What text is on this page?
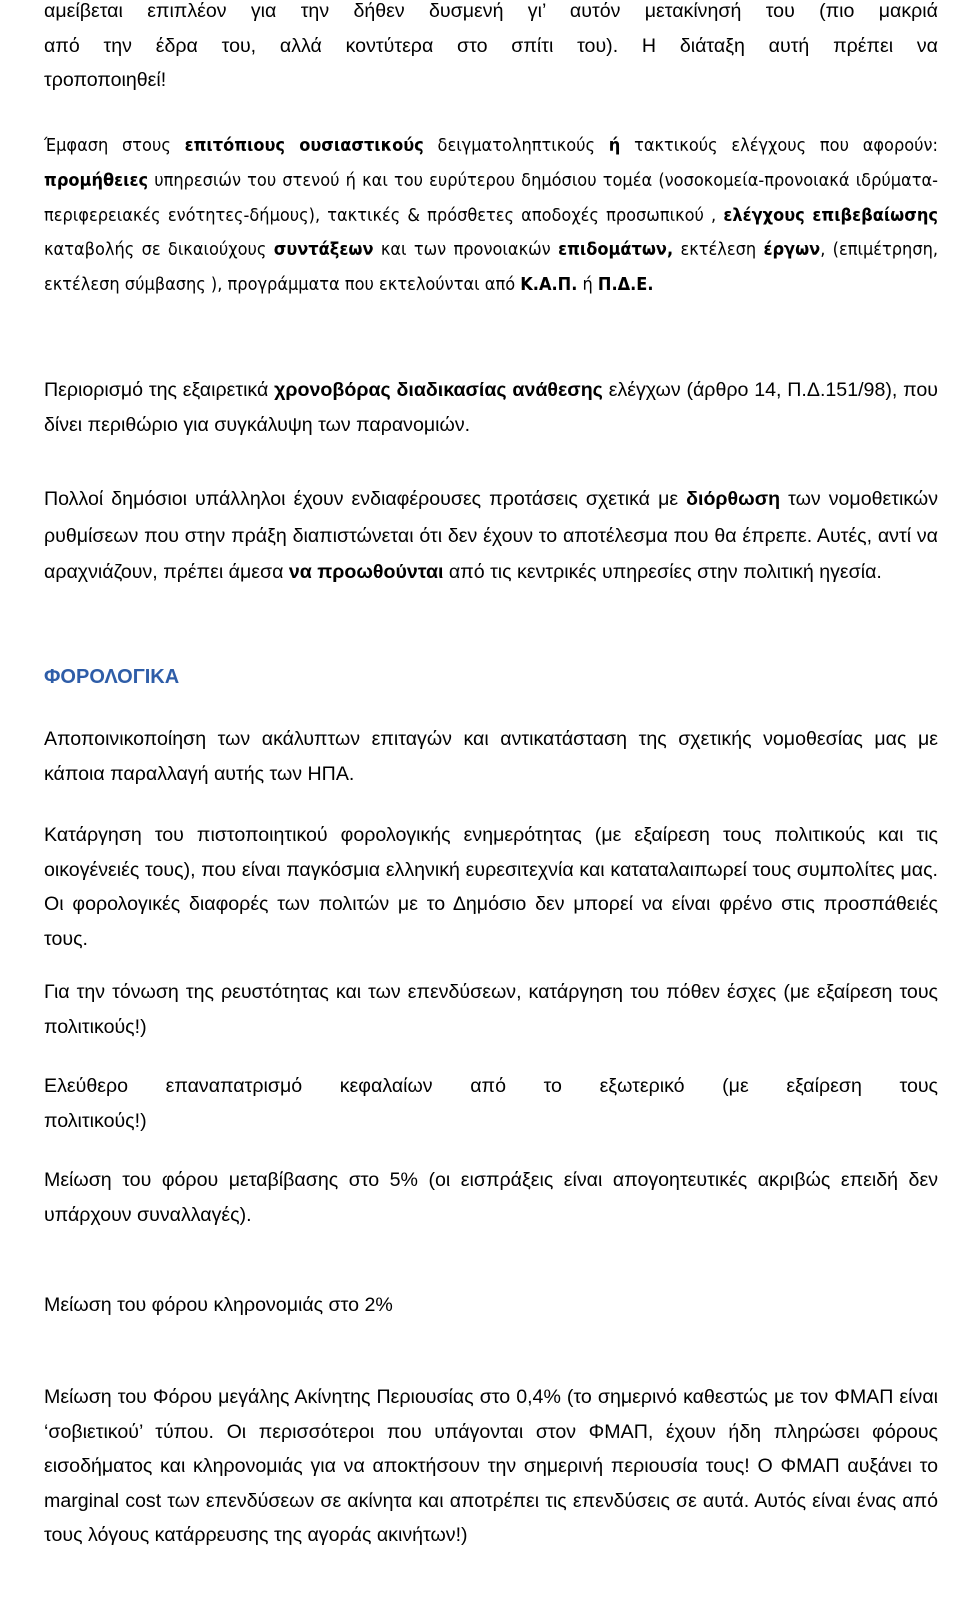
αμείβεται επιπλέον για την δήθεν δυσμενή γι’ αυτόν μετακίνησή του (πιο μακριά

από την έδρα του, αλλά κοντύτερα στο σπίτι του). Η διάταξη αυτή πρέπει να

τροποποιηθεί!

Έμφαση στους επιτόπιους ουσιαστικούς δειγματοληπτικούς ή τακτικούς ελέγχους που αφορούν: προμήθειες υπηρεσιών του στενού ή και του ευρύτερου δημόσιου τομέα (νοσοκομεία-προνοιακά ιδρύματα-περιφερειακές ενότητες-δήμους), τακτικές & πρόσθετες αποδοχές προσωπικού , ελέγχους επιβεβαίωσης καταβολής σε δικαιούχους συντάξεων και των προνοιακών επιδομάτων, εκτέλεση έργων, (επιμέτρηση, εκτέλεση σύμβασης ), προγράμματα που εκτελούνται από Κ.Α.Π. ή Π.Δ.Ε.

Περιορισμό της εξαιρετικά χρονοβόρας διαδικασίας ανάθεσης ελέγχων (άρθρο 14, Π.Δ.151/98), που δίνει περιθώριο για συγκάλυψη των παρανομιών.

Πολλοί δημόσιοι υπάλληλοι έχουν ενδιαφέρουσες προτάσεις σχετικά με διόρθωση των νομοθετικών ρυθμίσεων που στην πράξη διαπιστώνεται ότι δεν έχουν το αποτέλεσμα που θα έπρεπε. Αυτές, αντί να αραχνιάζουν, πρέπει άμεσα να προωθούνται από τις κεντρικές υπηρεσίες στην πολιτική ηγεσία.

ΦΟΡΟΛΟΓΙΚΑ

Αποποινικοποίηση των ακάλυπτων επιταγών και αντικατάσταση της σχετικής νομοθεσίας μας με κάποια παραλλαγή αυτής των ΗΠΑ.

Κατάργηση του πιστοποιητικού φορολογικής ενημερότητας (με εξαίρεση τους πολιτικούς και τις οικογένειές τους), που είναι παγκόσμια ελληνική ευρεσιτεχνία και καταταλαιπωρεί τους συμπολίτες μας. Οι φορολογικές διαφορές των πολιτών με το Δημόσιο δεν μπορεί να είναι φρένο στις προσπάθειές τους.

Για την τόνωση της ρευστότητας και των επενδύσεων, κατάργηση του πόθεν έσχες (με εξαίρεση τους πολιτικούς!)

Ελεύθερο επαναπατρισμό κεφαλαίων από το εξωτερικό (με εξαίρεση τους πολιτικούς!)

Μείωση του φόρου μεταβίβασης στο 5% (οι εισπράξεις είναι απογοητευτικές ακριβώς επειδή δεν υπάρχουν συναλλαγές).

Μείωση του φόρου κληρονομιάς στο 2%

Μείωση του Φόρου μεγάλης Ακίνητης Περιουσίας στο 0,4% (το σημερινό καθεστώς με τον ΦΜΑΠ είναι ‘σοβιετικού’ τύπου. Οι περισσότεροι που υπάγονται στον ΦΜΑΠ, έχουν ήδη πληρώσει φόρους εισοδήματος και κληρονομιάς για να αποκτήσουν την σημερινή περιουσία τους! Ο ΦΜΑΠ αυξάνει το marginal cost των επενδύσεων σε ακίνητα και αποτρέπει τις επενδύσεις σε αυτά. Αυτός είναι ένας από τους λόγους κατάρρευσης της αγοράς ακινήτων!)
